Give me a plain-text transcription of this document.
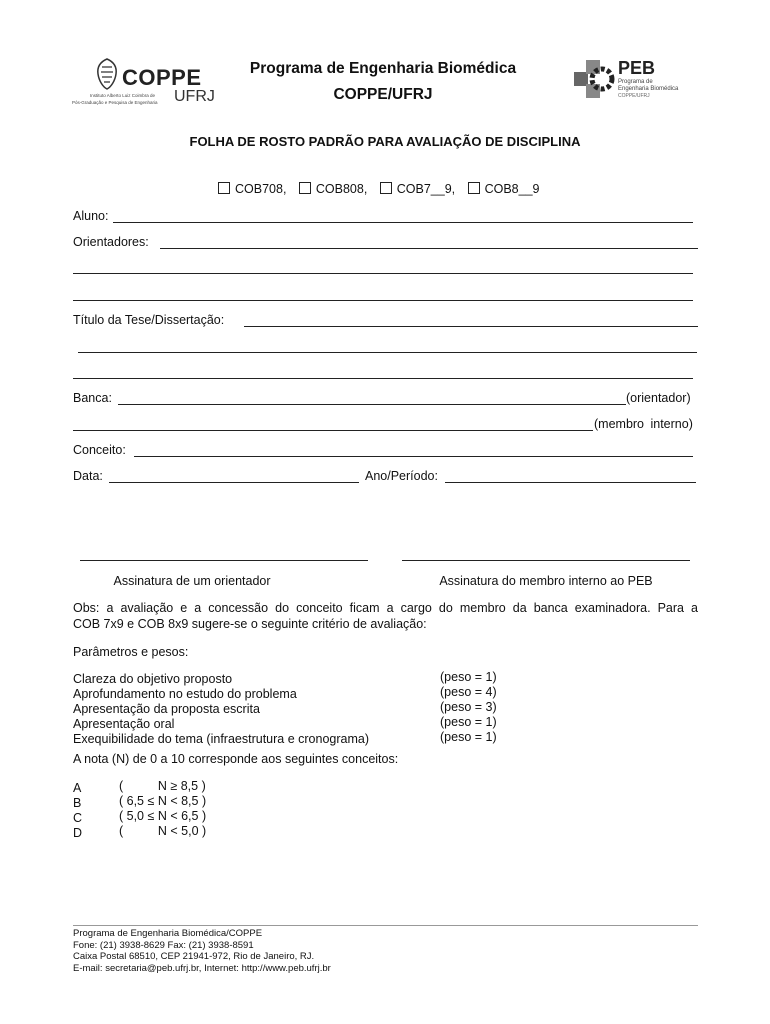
COPPE
UFRJ
Instituto Alberto Luiz Coimbra de
Pós-Graduação e Pesquisa de Engenharia
Programa de Engenharia Biomédica
COPPE/UFRJ
PEB
Programa de
Engenharia Biomédica
COPPE/UFRJ
FOLHA DE ROSTO PADRÃO PARA AVALIAÇÃO DE DISCIPLINA
COB708, COB808, COB7__9, COB8__9
Aluno:
Orientadores:
Título da Tese/Dissertação:
Banca:	(orientador)
(membro interno)
Conceito:
Data:	Ano/Período:
Assinatura de um orientador	Assinatura do membro interno ao PEB
Obs: a avaliação e a concessão do conceito ficam a cargo do membro da banca examinadora. Para a
COB 7x9 e COB 8x9 sugere-se o seguinte critério de avaliação:
Parâmetros e pesos:
Clareza do objetivo proposto	(peso = 1)
Aprofundamento no estudo do problema	(peso = 4)
Apresentação da proposta escrita	(peso = 3)
Apresentação oral	(peso = 1)
Exequibilidade do tema (infraestrutura e cronograma)	(peso = 1)
A nota (N) de 0 a 10 corresponde aos seguintes conceitos:
A	(          N ≥ 8,5 )
B	( 6,5 ≤ N < 8,5 )
C	( 5,0 ≤ N < 6,5 )
D	(          N < 5,0 )
Programa de Engenharia Biomédica/COPPE
Fone: (21) 3938-8629 Fax: (21) 3938-8591
Caixa Postal 68510, CEP 21941-972, Rio de Janeiro, RJ.
E-mail: secretaria@peb.ufrj.br, Internet: http://www.peb.ufrj.br
